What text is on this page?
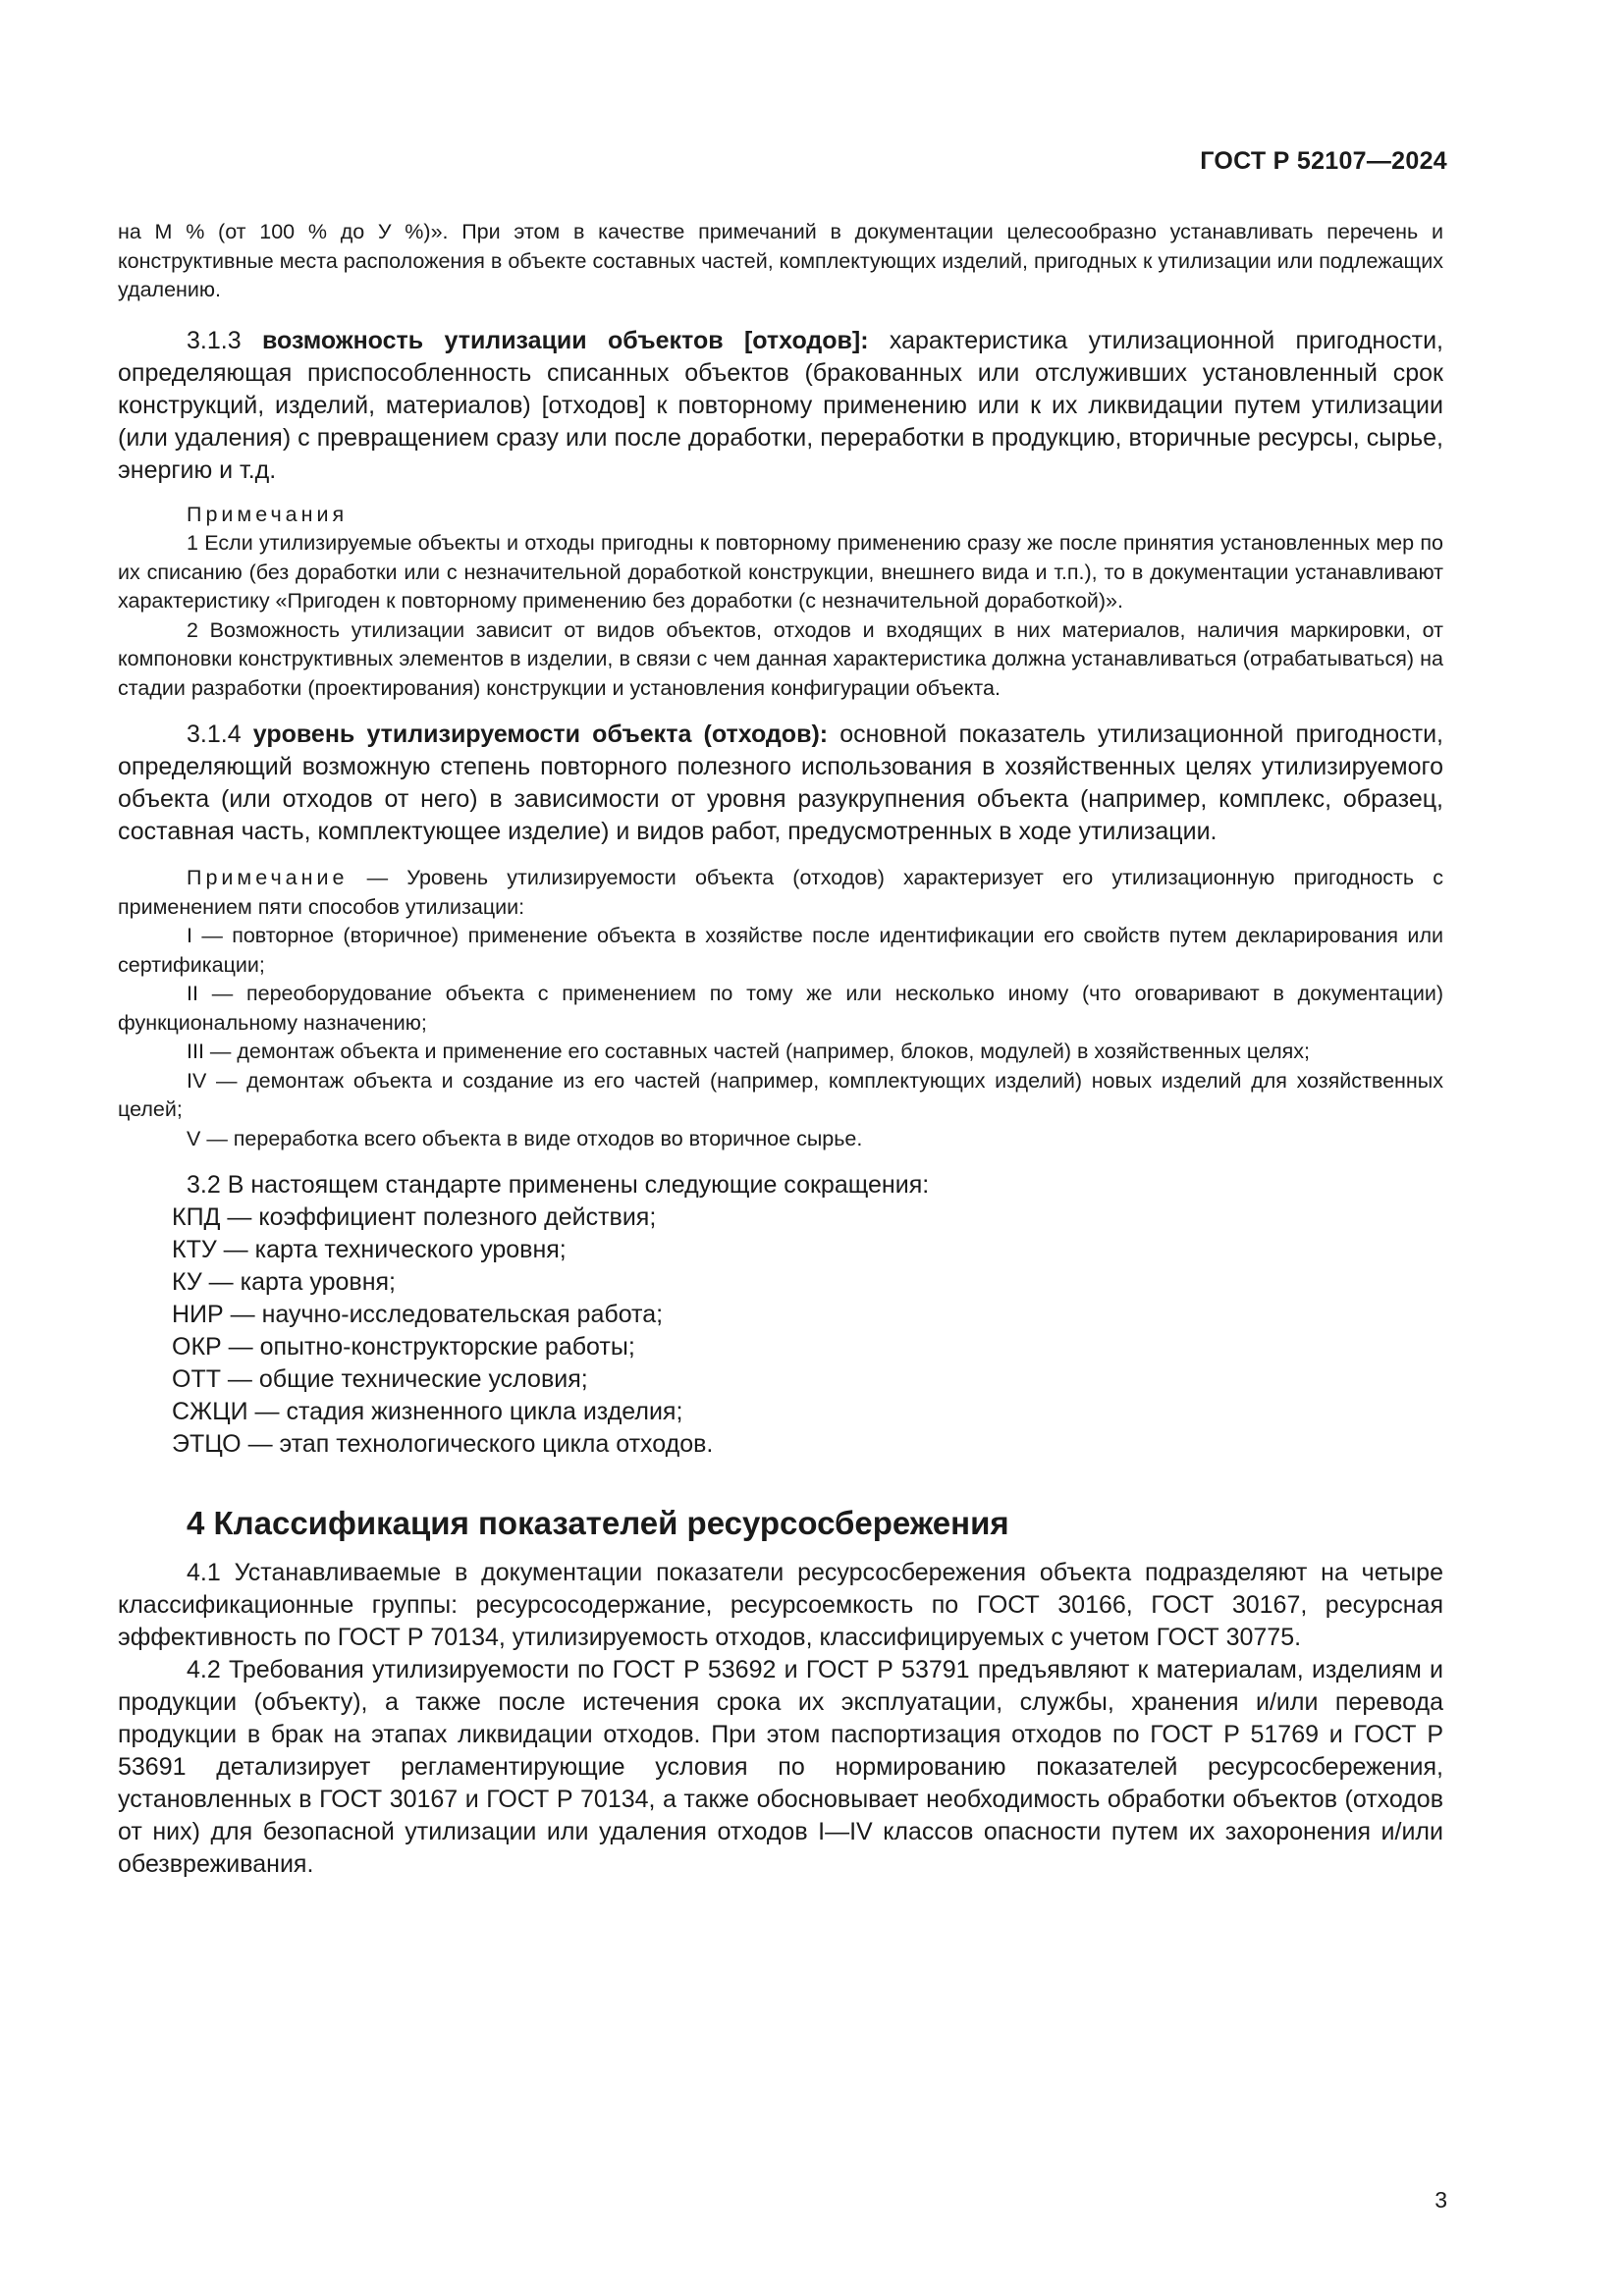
ГОСТ Р 52107—2024

на М % (от 100 % до У %)». При этом в качестве примечаний в документации целесообразно устанавливать перечень и конструктивные места расположения в объекте составных частей, комплектующих изделий, пригодных к утилизации или подлежащих удалению.

3.1.3 возможность утилизации объектов [отходов]: характеристика утилизационной пригодности, определяющая приспособленность списанных объектов (бракованных или отслуживших установленный срок конструкций, изделий, материалов) [отходов] к повторному применению или к их ликвидации путем утилизации (или удаления) с превращением сразу или после доработки, переработки в продукцию, вторичные ресурсы, сырье, энергию и т.д.

Примечания

1 Если утилизируемые объекты и отходы пригодны к повторному применению сразу же после принятия установленных мер по их списанию (без доработки или с незначительной доработкой конструкции, внешнего вида и т.п.), то в документации устанавливают характеристику «Пригоден к повторному применению без доработки (с незначительной доработкой)».

2 Возможность утилизации зависит от видов объектов, отходов и входящих в них материалов, наличия маркировки, от компоновки конструктивных элементов в изделии, в связи с чем данная характеристика должна устанавливаться (отрабатываться) на стадии разработки (проектирования) конструкции и установления конфигурации объекта.

3.1.4 уровень утилизируемости объекта (отходов): основной показатель утилизационной пригодности, определяющий возможную степень повторного полезного использования в хозяйственных целях утилизируемого объекта (или отходов от него) в зависимости от уровня разукрупнения объекта (например, комплекс, образец, составная часть, комплектующее изделие) и видов работ, предусмотренных в ходе утилизации.

Примечание — Уровень утилизируемости объекта (отходов) характеризует его утилизационную пригодность с применением пяти способов утилизации:

I — повторное (вторичное) применение объекта в хозяйстве после идентификации его свойств путем декларирования или сертификации;

II — переоборудование объекта с применением по тому же или несколько иному (что оговаривают в документации) функциональному назначению;

III — демонтаж объекта и применение его составных частей (например, блоков, модулей) в хозяйственных целях;

IV — демонтаж объекта и создание из его частей (например, комплектующих изделий) новых изделий для хозяйственных целей;

V — переработка всего объекта в виде отходов во вторичное сырье.

3.2 В настоящем стандарте применены следующие сокращения:

КПД — коэффициент полезного действия;

КТУ — карта технического уровня;

КУ — карта уровня;

НИР — научно-исследовательская работа;

ОКР — опытно-конструкторские работы;

ОТТ — общие технические условия;

СЖЦИ — стадия жизненного цикла изделия;

ЭТЦО — этап технологического цикла отходов.

4 Классификация показателей ресурсосбережения

4.1 Устанавливаемые в документации показатели ресурсосбережения объекта подразделяют на четыре классификационные группы: ресурсосодержание, ресурсоемкость по ГОСТ 30166, ГОСТ 30167, ресурсная эффективность по ГОСТ Р 70134, утилизируемость отходов, классифицируемых с учетом ГОСТ 30775.

4.2 Требования утилизируемости по ГОСТ Р 53692 и ГОСТ Р 53791 предъявляют к материалам, изделиям и продукции (объекту), а также после истечения срока их эксплуатации, службы, хранения и/или перевода продукции в брак на этапах ликвидации отходов. При этом паспортизация отходов по ГОСТ Р 51769 и ГОСТ Р 53691 детализирует регламентирующие условия по нормированию показателей ресурсосбережения, установленных в ГОСТ 30167 и ГОСТ Р 70134, а также обосновывает необходимость обработки объектов (отходов от них) для безопасной утилизации или удаления отходов I—IV классов опасности путем их захоронения и/или обезвреживания.

3
